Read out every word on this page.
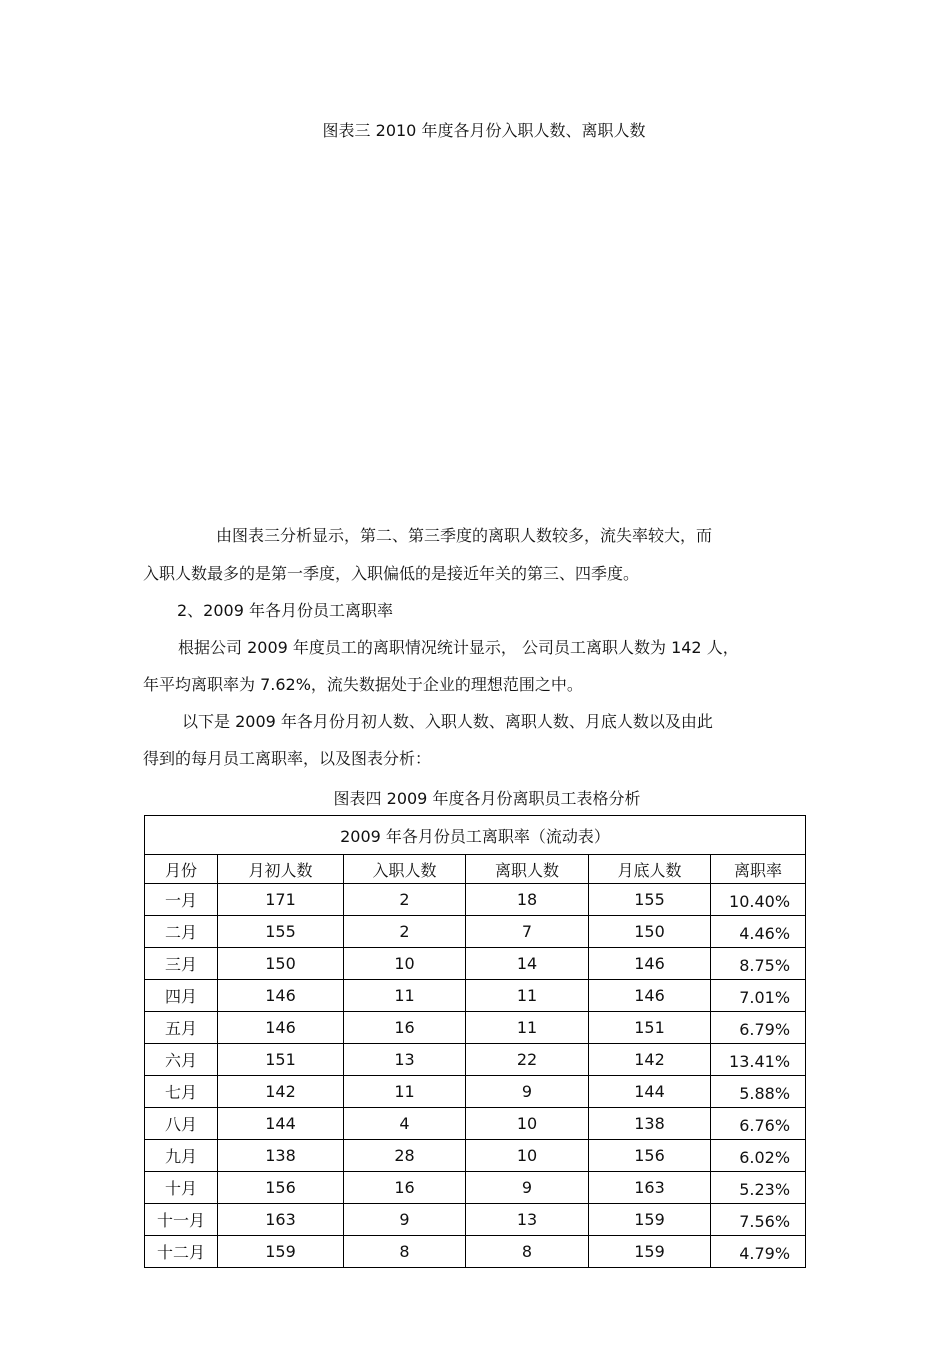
图表三 2010 年度各月份入职人数、离职人数
由图表三分析显示，第二、第三季度的离职人数较多，流失率较大，而
入职人数最多的是第一季度，入职偏低的是接近年关的第三、四季度。
2、2009 年各月份员工离职率
根据公司 2009 年度员工的离职情况统计显示， 公司员工离职人数为 142 人，
年平均离职率为 7.62%，流失数据处于企业的理想范围之中。
以下是 2009 年各月份月初人数、入职人数、离职人数、月底人数以及由此
得到的每月员工离职率，以及图表分析：
图表四 2009 年度各月份离职员工表格分析
2009 年各月份员工离职率（流动表）					
月份	月初人数	入职人数	离职人数	月底人数	离职率
一月	171	2	18	155	10.40%
二月	155	2	7	150	4.46%
三月	150	10	14	146	8.75%
四月	146	11	11	146	7.01%
五月	146	16	11	151	6.79%
六月	151	13	22	142	13.41%
七月	142	11	9	144	5.88%
八月	144	4	10	138	6.76%
九月	138	28	10	156	6.02%
十月	156	16	9	163	5.23%
十一月	163	9	13	159	7.56%
十二月	159	8	8	159	4.79%
